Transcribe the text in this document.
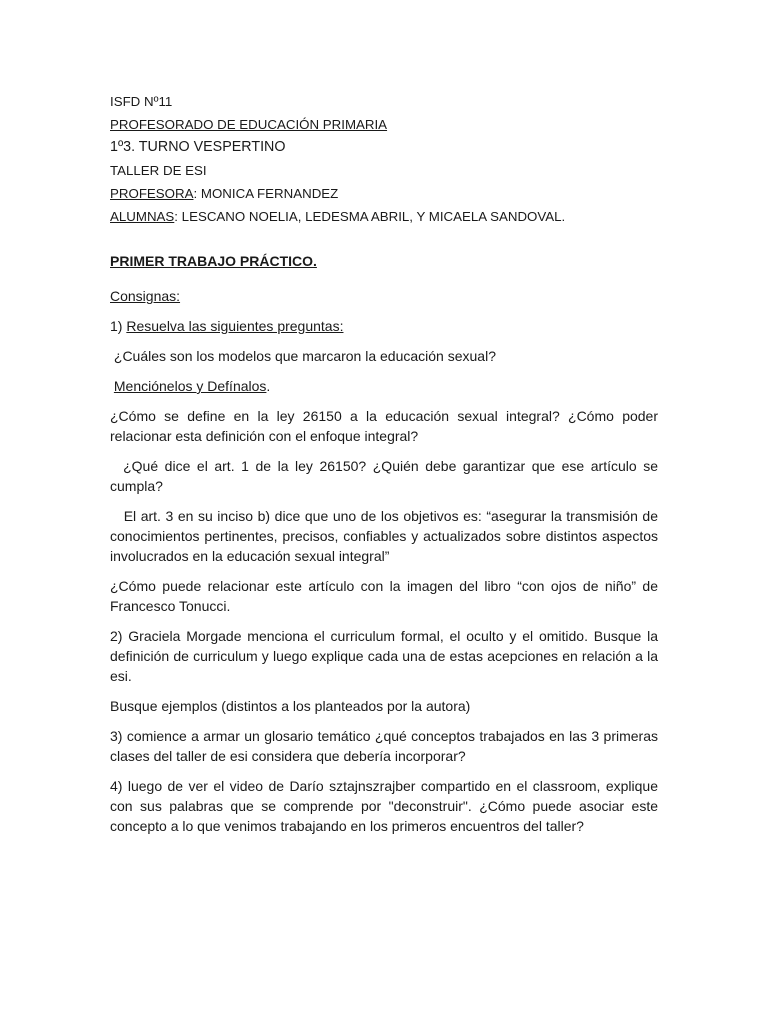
ISFD Nº11

PROFESORADO DE EDUCACIÓN PRIMARIA

1º3. TURNO VESPERTINO

TALLER DE ESI

PROFESORA: MONICA FERNANDEZ

ALUMNAS: LESCANO NOELIA, LEDESMA ABRIL, Y MICAELA SANDOVAL.

PRIMER TRABAJO PRÁCTICO.

Consignas:

1) Resuelva las siguientes preguntas:

¿Cuáles son los modelos que marcaron la educación sexual?

Menciónelos y Defínalos.

¿Cómo se define en la ley 26150 a la educación sexual integral? ¿Cómo poder relacionar esta definición con el enfoque integral?

¿Qué dice el art. 1 de la ley 26150? ¿Quién debe garantizar que ese artículo se cumpla?

El art. 3 en su inciso b) dice que uno de los objetivos es: “asegurar la transmisión de conocimientos pertinentes, precisos, confiables y actualizados sobre distintos aspectos involucrados en la educación sexual integral”

¿Cómo puede relacionar este artículo con la imagen del libro “con ojos de niño” de Francesco Tonucci.

2) Graciela Morgade menciona el curriculum formal, el oculto y el omitido. Busque la definición de curriculum y luego explique cada una de estas acepciones en relación a la esi.

Busque ejemplos (distintos a los planteados por la autora)

3) comience a armar un glosario temático ¿qué conceptos trabajados en las 3 primeras clases del taller de esi considera que debería incorporar?

4) luego de ver el video de Darío sztajnszrajber compartido en el classroom, explique con sus palabras que se comprende por "deconstruir". ¿Cómo puede asociar este concepto a lo que venimos trabajando en los primeros encuentros del taller?
